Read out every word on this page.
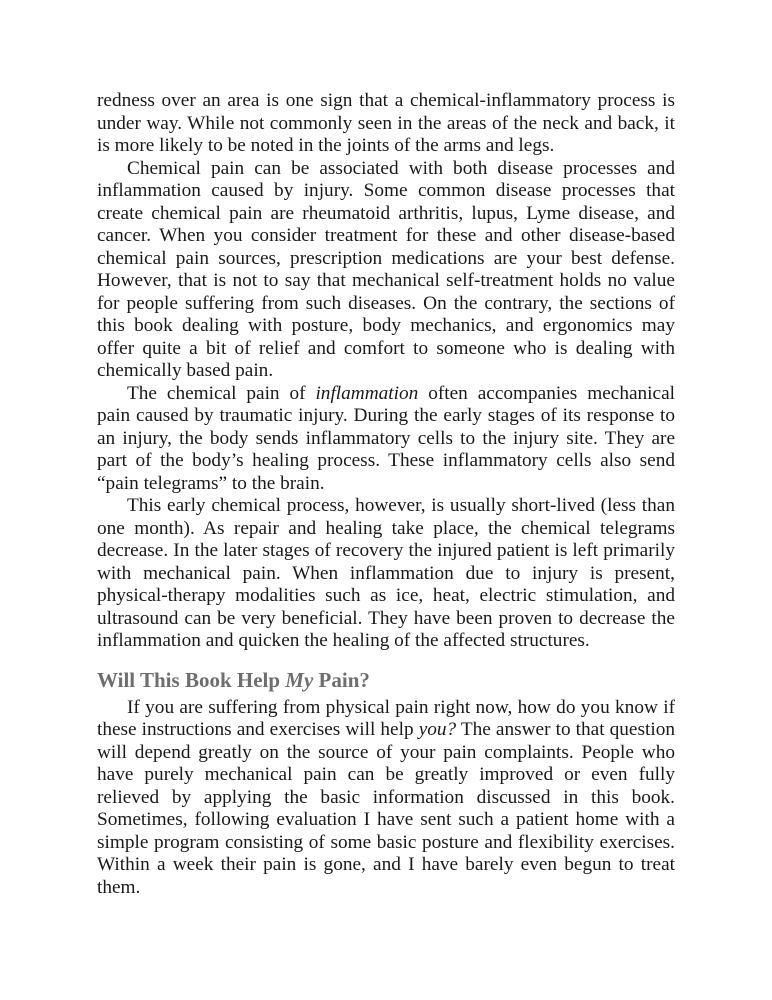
redness over an area is one sign that a chemical-inflammatory process is under way. While not commonly seen in the areas of the neck and back, it is more likely to be noted in the joints of the arms and legs.

Chemical pain can be associated with both disease processes and inflammation caused by injury. Some common disease processes that create chemical pain are rheumatoid arthritis, lupus, Lyme disease, and cancer. When you consider treatment for these and other disease-based chemical pain sources, prescription medications are your best defense. However, that is not to say that mechanical self-treatment holds no value for people suffering from such diseases. On the contrary, the sections of this book dealing with posture, body mechanics, and ergonomics may offer quite a bit of relief and comfort to someone who is dealing with chemically based pain.

The chemical pain of inflammation often accompanies mechanical pain caused by traumatic injury. During the early stages of its response to an injury, the body sends inflammatory cells to the injury site. They are part of the body’s healing process. These inflammatory cells also send “pain telegrams” to the brain.

This early chemical process, however, is usually short-lived (less than one month). As repair and healing take place, the chemical telegrams decrease. In the later stages of recovery the injured patient is left primarily with mechanical pain. When inflammation due to injury is present, physical-therapy modalities such as ice, heat, electric stimulation, and ultrasound can be very beneficial. They have been proven to decrease the inflammation and quicken the healing of the affected structures.

Will This Book Help My Pain?

If you are suffering from physical pain right now, how do you know if these instructions and exercises will help you? The answer to that question will depend greatly on the source of your pain complaints. People who have purely mechanical pain can be greatly improved or even fully relieved by applying the basic information discussed in this book. Sometimes, following evaluation I have sent such a patient home with a simple program consisting of some basic posture and flexibility exercises. Within a week their pain is gone, and I have barely even begun to treat them.
